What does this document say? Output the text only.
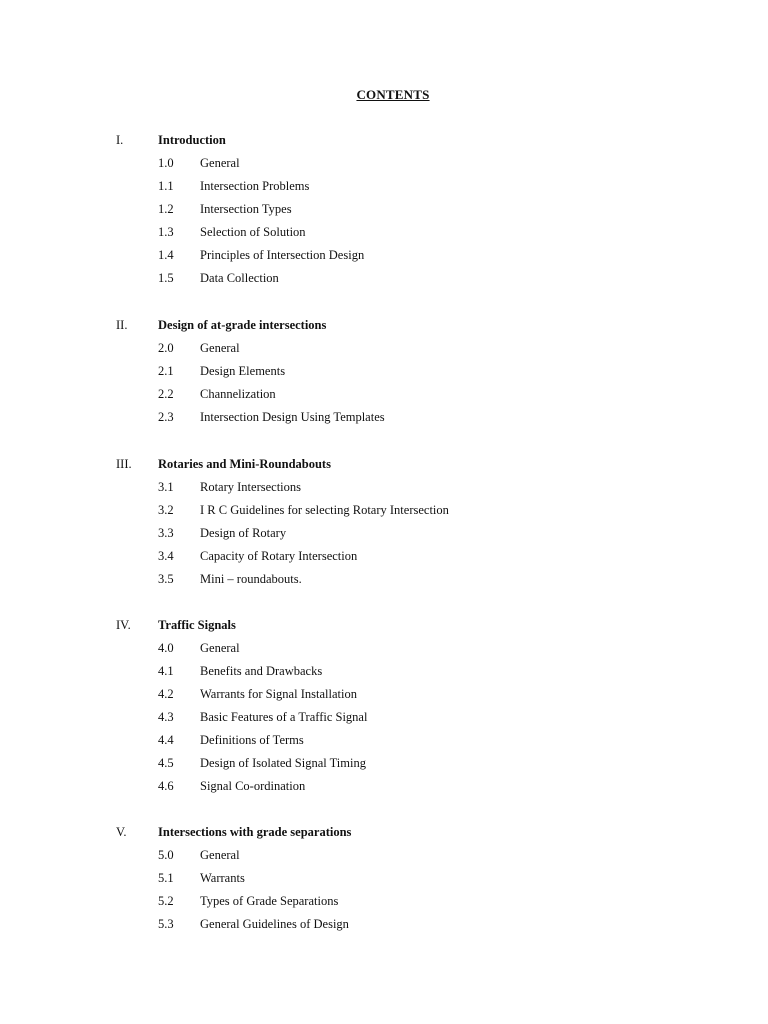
CONTENTS
I.	Introduction
1.0 General
1.1 Intersection Problems
1.2 Intersection Types
1.3 Selection of Solution
1.4 Principles of Intersection Design
1.5 Data Collection
II. Design of at-grade intersections
2.0 General
2.1 Design Elements
2.2 Channelization
2.3 Intersection Design Using Templates
III. Rotaries and Mini-Roundabouts
3.1 Rotary Intersections
3.2 I R C Guidelines for selecting Rotary Intersection
3.3 Design of Rotary
3.4 Capacity of Rotary Intersection
3.5 Mini – roundabouts.
IV. Traffic Signals
4.0 General
4.1 Benefits and Drawbacks
4.2 Warrants for Signal Installation
4.3 Basic Features of a Traffic Signal
4.4 Definitions of Terms
4.5 Design of Isolated Signal Timing
4.6 Signal Co-ordination
V.	Intersections with grade separations
5.0 General
5.1 Warrants
5.2 Types of Grade Separations
5.3 General Guidelines of Design
